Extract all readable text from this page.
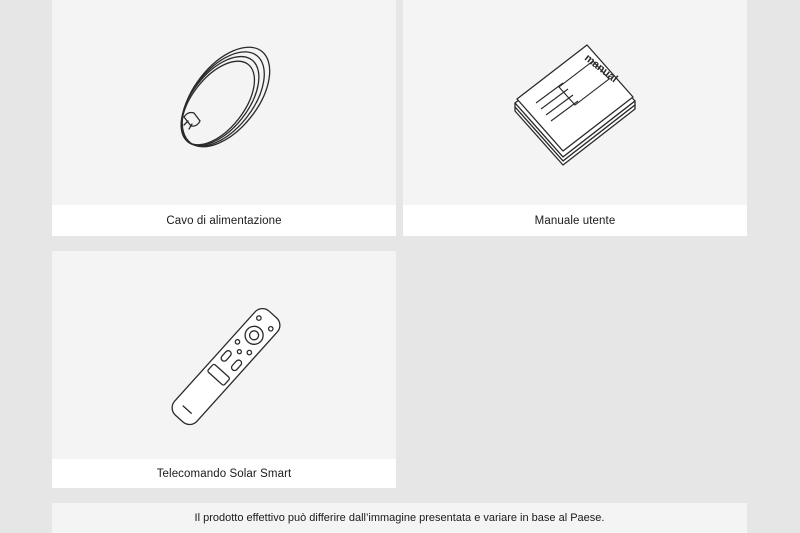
Cavo di alimentazione
manual
Manuale utente
Telecomando Solar Smart
Il prodotto effettivo può differire dall’immagine presentata e variare in base al Paese.
